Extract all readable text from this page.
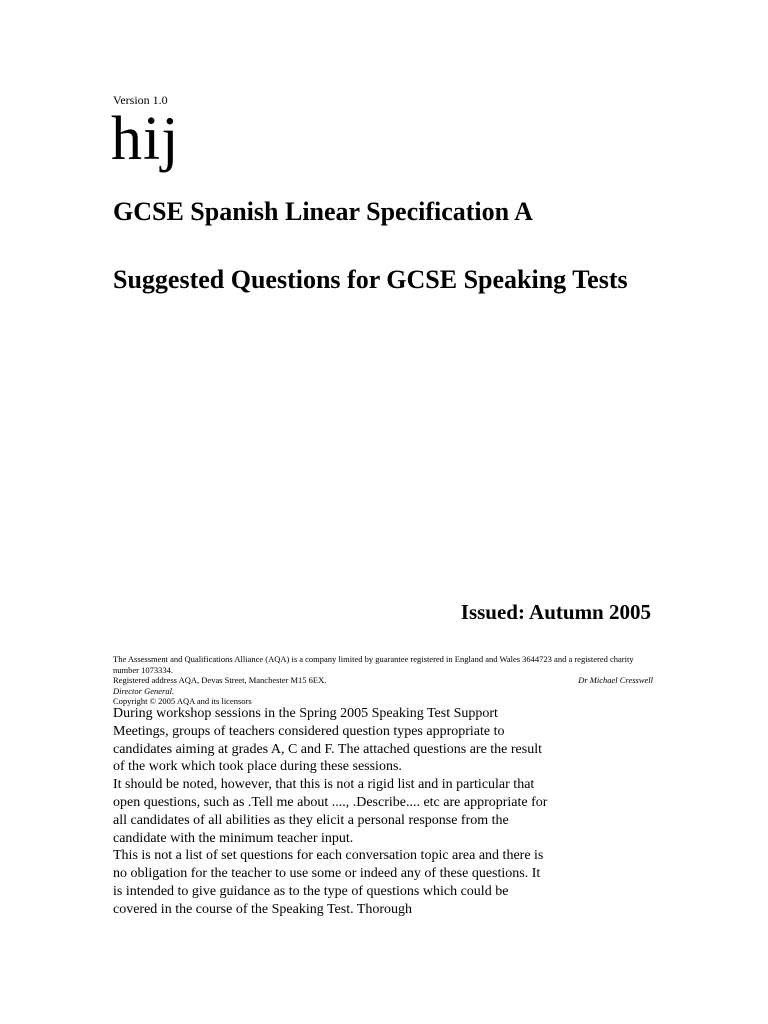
Version 1.0
hij
GCSE Spanish Linear Specification A
Suggested Questions for GCSE Speaking Tests
Issued: Autumn 2005
The Assessment and Qualifications Alliance (AQA) is a company limited by guarantee registered in England and Wales 3644723 and a registered charity number 1073334.
Registered address AQA, Devas Street, Manchester M15 6EX.	Dr Michael Cresswell
Director General.
Copyright © 2005 AQA and its licensors

During workshop sessions in the Spring 2005 Speaking Test Support Meetings, groups of teachers considered question types appropriate to candidates aiming at grades A, C and F. The attached questions are the result of the work which took place during these sessions.

It should be noted, however, that this is not a rigid list and in particular that open questions, such as .Tell me about ...., .Describe.... etc are appropriate for all candidates of all abilities as they elicit a personal response from the candidate with the minimum teacher input.

This is not a list of set questions for each conversation topic area and there is no obligation for the teacher to use some or indeed any of these questions. It is intended to give guidance as to the type of questions which could be covered in the course of the Speaking Test. Thorough
